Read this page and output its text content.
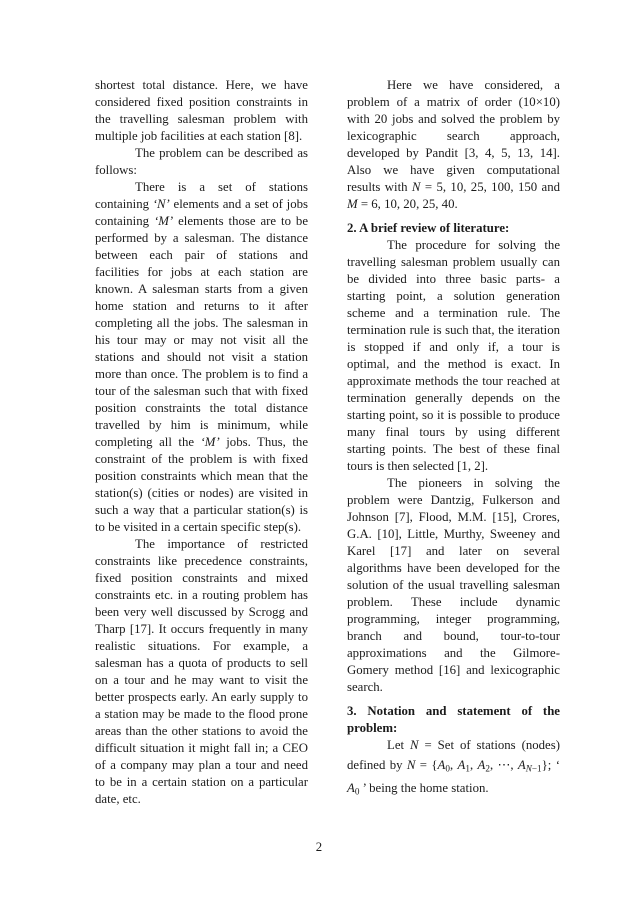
shortest total distance. Here, we have
considered fixed position constraints in
the travelling salesman problem with
multiple job facilities at each station [8].
The problem can be described as
follows:
There is a set of stations
containing ‘N’ elements and a set of jobs
containing ‘M’ elements those are to be
performed by a salesman. The distance
between each pair of stations and
facilities for jobs at each station are
known. A salesman starts from a given
home station and returns to it after
completing all the jobs. The salesman in
his tour may or may not visit all the
stations and should not visit a station
more than once. The problem is to find a
tour of the salesman such that with fixed
position constraints the total distance
travelled by him is minimum, while
completing all the ‘M’ jobs. Thus, the
constraint of the problem is with fixed
position constraints which mean that the
station(s) (cities or nodes) are visited in
such a way that a particular station(s) is
to be visited in a certain specific step(s).
The importance of restricted
constraints like precedence constraints,
fixed position constraints and mixed
constraints etc. in a routing problem has
been very well discussed by Scrogg and
Tharp [17]. It occurs frequently in many
realistic situations. For example, a
salesman has a quota of products to sell
on a tour and he may want to visit the
better prospects early. An early supply to
a station may be made to the flood prone
areas than the other stations to avoid the
difficult situation it might fall in; a CEO
of a company may plan a tour and need
to be in a certain station on a particular
date, etc.
Here we have considered, a
problem of a matrix of order (10×10)
with 20 jobs and solved the problem by
lexicographic search approach,
developed by Pandit [3, 4, 5, 13, 14].
Also we have given computational
results with N = 5, 10, 25, 100, 150 and
M = 6, 10, 20, 25, 40.
2. A brief review of literature:
The procedure for solving the
travelling salesman problem usually can
be divided into three basic parts- a
starting point, a solution generation
scheme and a termination rule. The
termination rule is such that, the iteration
is stopped if and only if, a tour is
optimal, and the method is exact. In
approximate methods the tour reached at
termination generally depends on the
starting point, so it is possible to produce
many final tours by using different
starting points. The best of these final
tours is then selected [1, 2].
The pioneers in solving the
problem were Dantzig, Fulkerson and
Johnson [7], Flood, M.M. [15], Crores,
G.A. [10], Little, Murthy, Sweeney and
Karel [17] and later on several
algorithms have been developed for the
solution of the usual travelling salesman
problem. These include dynamic
programming, integer programming,
branch and bound, tour-to-tour
approximations and the Gilmore-
Gomery method [16] and lexicographic
search.
3. Notation and statement of the
problem:
Let N = Set of stations (nodes)
defined by $N = \{A_0$, $A_1$, $A_2$, ⋯, $A_{N-1}$}; ‘
$A_0$ ’ being the home station.
2
